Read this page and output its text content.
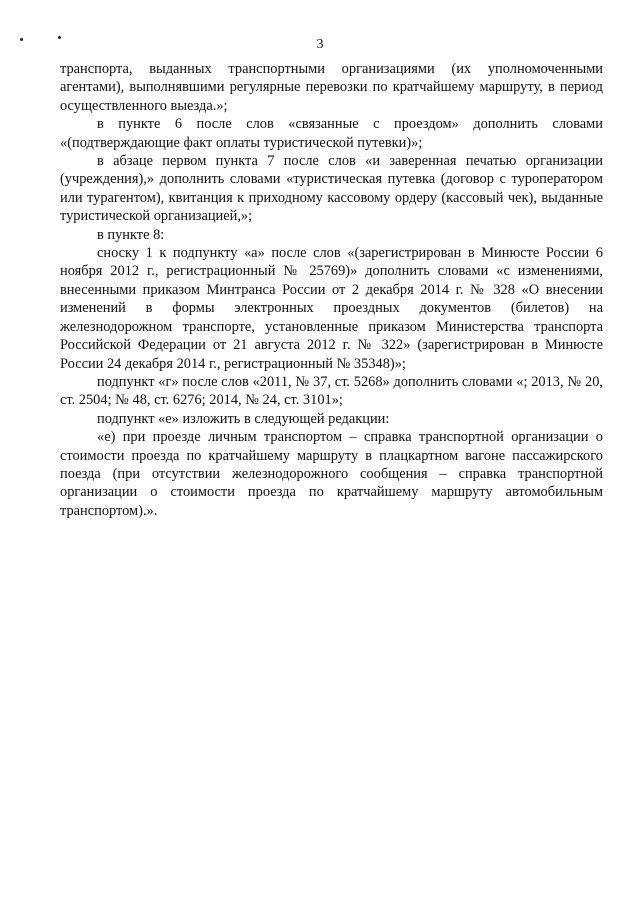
3

транспорта, выданных транспортными организациями (их уполномоченными агентами), выполнявшими регулярные перевозки по кратчайшему маршруту, в период осуществленного выезда.»;

в пункте 6 после слов «связанные с проездом» дополнить словами «(подтверждающие факт оплаты туристической путевки)»;

в абзаце первом пункта 7 после слов «и заверенная печатью организации (учреждения),» дополнить словами «туристическая путевка (договор с туроператором или турагентом), квитанция к приходному кассовому ордеру (кассовый чек), выданные туристической организацией,»;

в пункте 8:

сноску 1 к подпункту «а» после слов «(зарегистрирован в Минюсте России 6 ноября 2012 г., регистрационный № 25769)» дополнить словами «с изменениями, внесенными приказом Минтранса России от 2 декабря 2014 г. № 328 «О внесении изменений в формы электронных проездных документов (билетов) на железнодорожном транспорте, установленные приказом Министерства транспорта Российской Федерации от 21 августа 2012 г. № 322» (зарегистрирован в Минюсте России 24 декабря 2014 г., регистрационный № 35348)»;

подпункт «г» после слов «2011, № 37, ст. 5268» дополнить словами «; 2013, № 20, ст. 2504; № 48, ст. 6276; 2014, № 24, ст. 3101»;

подпункт «е» изложить в следующей редакции:

«е) при проезде личным транспортом – справка транспортной организации о стоимости проезда по кратчайшему маршруту в плацкартном вагоне пассажирского поезда (при отсутствии железнодорожного сообщения – справка транспортной организации о стоимости проезда по кратчайшему маршруту автомобильным транспортом).».
